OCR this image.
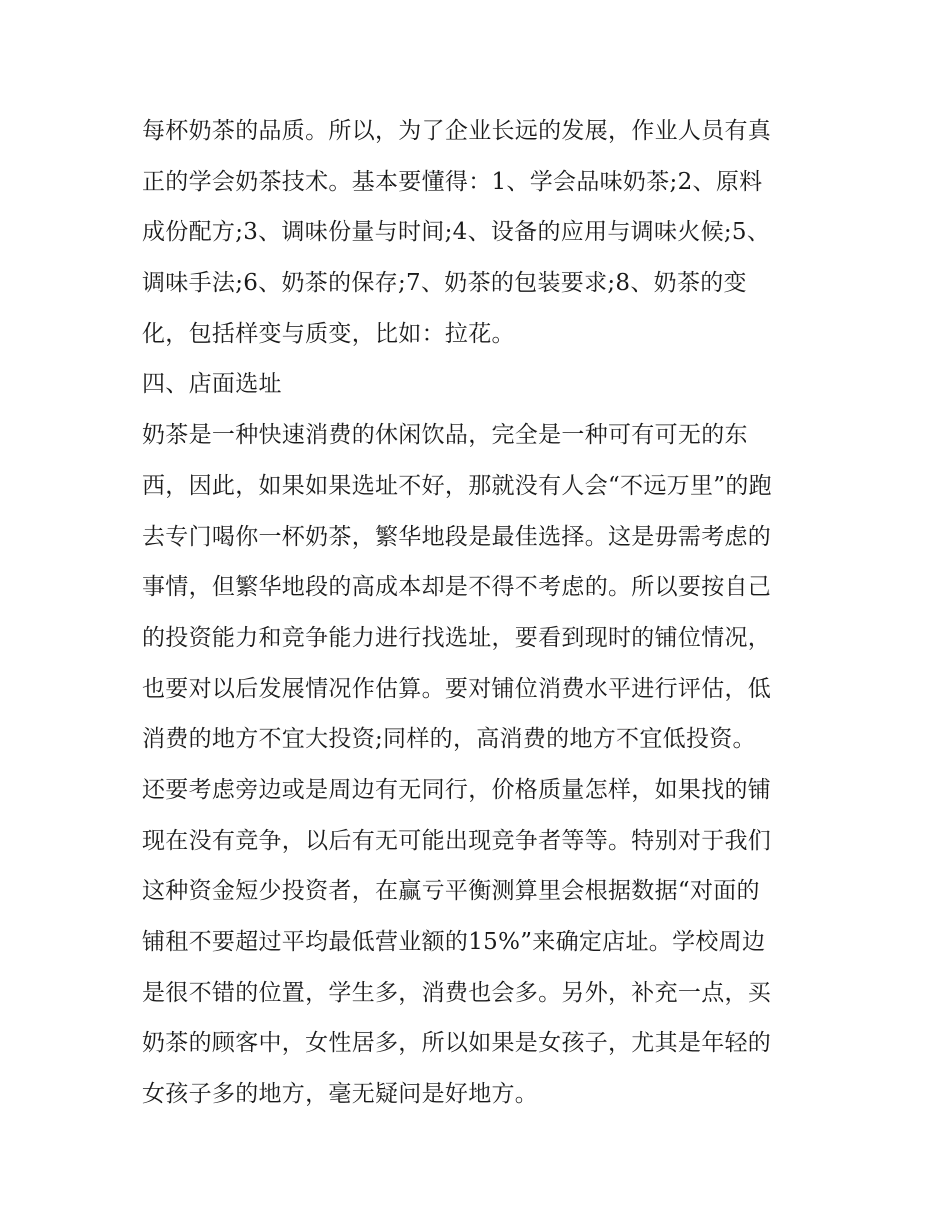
每杯奶茶的品质。所以，为了企业长远的发展，作业人员有真
正的学会奶茶技术。基本要懂得：1、学会品味奶茶;2、原料
成份配方;3、调味份量与时间;4、设备的应用与调味火候;5、
调味手法;6、奶茶的保存;7、奶茶的包装要求;8、奶茶的变
化，包括样变与质变，比如：拉花。
四、店面选址
奶茶是一种快速消费的休闲饮品，完全是一种可有可无的东
西，因此，如果如果选址不好，那就没有人会“不远万里”的跑
去专门喝你一杯奶茶，繁华地段是最佳选择。这是毋需考虑的
事情，但繁华地段的高成本却是不得不考虑的。所以要按自己
的投资能力和竞争能力进行找选址，要看到现时的铺位情况，
也要对以后发展情况作估算。要对铺位消费水平进行评估，低
消费的地方不宜大投资;同样的，高消费的地方不宜低投资。
还要考虑旁边或是周边有无同行，价格质量怎样，如果找的铺
现在没有竞争，以后有无可能出现竞争者等等。特别对于我们
这种资金短少投资者，在赢亏平衡测算里会根据数据“对面的
铺租不要超过平均最低营业额的15%”来确定店址。学校周边
是很不错的位置，学生多，消费也会多。另外，补充一点，买
奶茶的顾客中，女性居多，所以如果是女孩子，尤其是年轻的
女孩子多的地方，毫无疑问是好地方。
